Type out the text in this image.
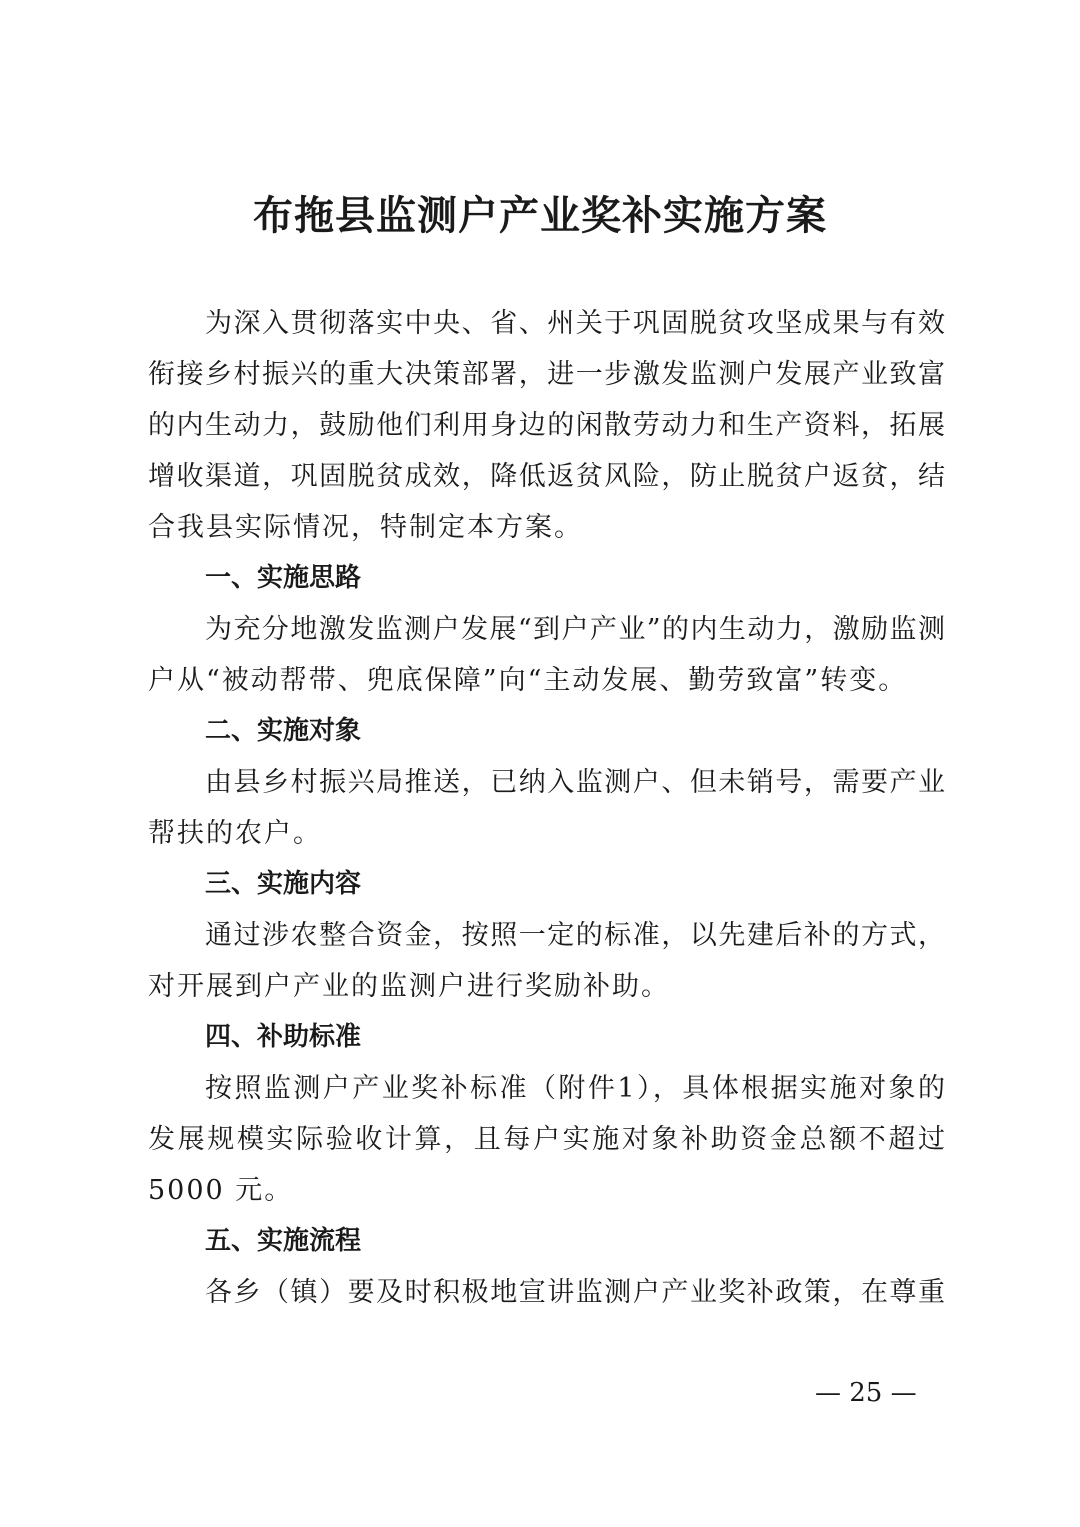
布拖县监测户产业奖补实施方案
为深入贯彻落实中央、省、州关于巩固脱贫攻坚成果与有效
衔接乡村振兴的重大决策部署，进一步激发监测户发展产业致富
的内生动力，鼓励他们利用身边的闲散劳动力和生产资料，拓展
增收渠道，巩固脱贫成效，降低返贫风险，防止脱贫户返贫，结
合我县实际情况，特制定本方案。
一、实施思路
为充分地激发监测户发展“到户产业”的内生动力，激励监测
户从“被动帮带、兜底保障”向“主动发展、勤劳致富”转变。
二、实施对象
由县乡村振兴局推送，已纳入监测户、但未销号，需要产业
帮扶的农户。
三、实施内容
通过涉农整合资金，按照一定的标准，以先建后补的方式，
对开展到户产业的监测户进行奖励补助。
四、补助标准
按照监测户产业奖补标准（附件1），具体根据实施对象的
发展规模实际验收计算，且每户实施对象补助资金总额不超过
5000 元。
五、实施流程
各乡（镇）要及时积极地宣讲监测户产业奖补政策，在尊重
— 25 —
